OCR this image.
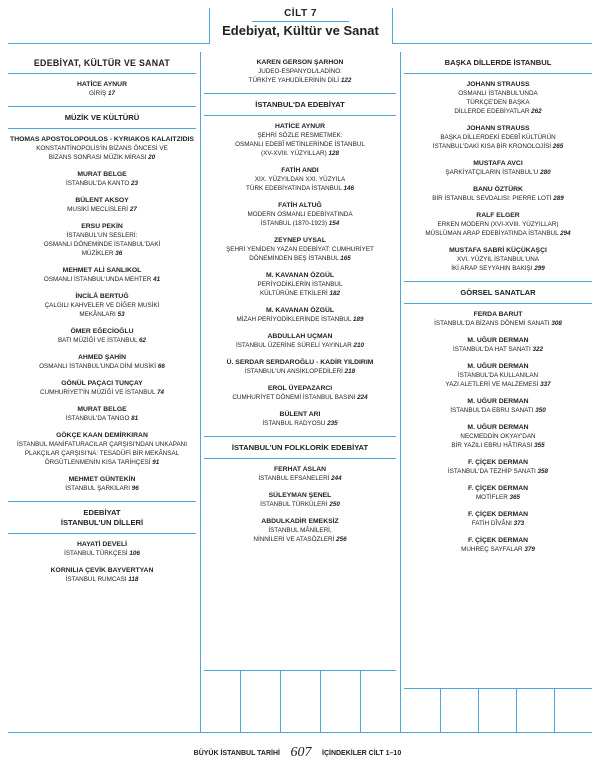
CİLT 7
Edebiyat, Kültür ve Sanat
EDEBİYAT, KÜLTÜR VE SANAT
HATİCE AYNUR
GİRİŞ 17
MÜZİK VE KÜLTÜRÜ
THOMAS APOSTOLOPOULOS - KYRIAKOS KALAITZIDIS
KONSTANTİNOPOLİS'İN BİZANS ÖNCESİ VE
BİZANS SONRASI MÜZİK MİRASI 20
MURAT BELGE
İSTANBUL'DA KANTO 23
BÜLENT AKSOY
MUSİKİ MECLİSLERİ 27
ERSU PEKİN
İSTANBUL'UN SESLERİ:
OSMANLI DÖNEMİNDE İSTANBUL'DAKİ
MÜZİKLER 36
MEHMET ALİ SANLIKOL
OSMANLI İSTANBUL'UNDA MEHTER 41
İNCİLÂ BERTUĞ
ÇALGILI KAHVELER VE DİĞER MUSİKİ
MEKÂNLARI 53
ÖMER EĞECİOĞLU
BATI MÜZİĞİ VE İSTANBUL 62
AHMED ŞAHİN
OSMANLI İSTANBUL'UNDA DİNİ MUSİKİ 66
GÖNÜL PAÇACI TUNÇAY
CUMHURİYET'İN MÜZİĞİ VE İSTANBUL 74
MURAT BELGE
İSTANBUL'DA TANGO 81
GÖKÇE KAAN DEMİRKIRAN
İSTANBUL MANİFATURACILAR ÇARŞISI'NDAN UNKAPANI
PLAKÇILAR ÇARŞISI'NA: TESADÜFİ BİR MEKÂNSAL
ÖRGÜTLENMENİN KISA TARİHÇESİ 91
MEHMET GÜNTEKİN
İSTANBUL ŞARKILARI 96
EDEBİYAT
İSTANBUL'UN DİLLERİ
HAYATİ DEVELİ
İSTANBUL TÜRKÇESİ 106
KORNILIA ÇEVİK BAYVERTYAN
İSTANBUL RUMCASI 118
KAREN GERSON ŞARHON
JUDEO-ESPANYOL/LADİNO:
TÜRKİYE YAHUDİLERİNİN DİLİ 122
İSTANBUL'DA EDEBİYAT
HATİCE AYNUR
ŞEHRİ SÖZLE RESMETMEK:
OSMANLI EDEBÎ METİNLERİNDE İSTANBUL
(XV-XVIII. YÜZYILLAR) 128
FATİH ANDI
XIX. YÜZYILDAN XXI. YÜZYILA
TÜRK EDEBİYATINDA İSTANBUL 146
FATİH ALTUĞ
MODERN OSMANLI EDEBİYATINDA
İSTANBUL (1870-1923) 154
ZEYNEP UYSAL
ŞEHRİ YENİDEN YAZAN EDEBİYAT: CUMHURİYET
DÖNEMİNDEN BEŞ İSTANBUL 165
M. KAVANAN ÖZGÜL
PERİYODİKLERİN İSTANBUL
KÜLTÜRÜNE ETKİLERİ 182
M. KAVANAN ÖZGÜL
MİZAH PERİYODİKLERİNDE İSTANBUL 189
ABDULLAH UÇMAN
İSTANBUL ÜZERİNE SÜRELİ YAYINLAR 210
Ü. SERDAR SERDAROĞLU - KADİR YILDIRIM
İSTANBUL'UN ANSİKLOPEDİLERİ 218
EROL ÜYEPAZARCI
CUMHURİYET DÖNEMİ İSTANBUL BASINI 224
BÜLENT ARI
İSTANBUL RADYOSU 235
İSTANBUL'UN FOLKLORİK EDEBİYAT
FERHAT ASLAN
İSTANBUL EFSANELERİ 244
SÜLEYMAN ŞENEL
İSTANBUL TÜRKÜLERİ 250
ABDULKADİR EMEKSİZ
İSTANBUL MÂNİLERİ,
NİNNİLERİ VE ATASÖZLERİ 256
BAŞKA DİLLERDE İSTANBUL
JOHANN STRAUSS
OSMANLI İSTANBUL'UNDA
TÜRKÇE'DEN BAŞKA
DİLLERDE EDEBİYATLAR 262
JOHANN STRAUSS
BAŞKA DİLLERDEKİ EDEBÎ KÜLTÜRÜN
İSTANBUL'DAKİ KISA BİR KRONOLOJİSİ 265
MUSTAFA AVCI
ŞARKİYATÇILARIN İSTANBUL'U 280
BANU ÖZTÜRK
BİR İSTANBUL SEVDALISI: PIERRE LOTİ 289
RALF ELGER
ERKEN MODERN (XVI-XVIII. YÜZYILLAR)
MÜSLÜMAN ARAP EDEBİYATINDA İSTANBUL 294
MUSTAFA SABRİ KÜÇÜKAŞÇI
XVI. YÜZYIL İSTANBUL'UNA
İKİ ARAP SEYYAHIN BAKIŞI 299
GÖRSEL SANATLAR
FERDA BARUT
İSTANBUL'DA BİZANS DÖNEMİ SANATI 308
M. UĞUR DERMAN
İSTANBUL'DA HAT SANATI 322
M. UĞUR DERMAN
İSTANBUL'DA KULLANILAN
YAZI ALETLERİ VE MALZEMESİ 337
M. UĞUR DERMAN
İSTANBUL'DA EBRU SANATI 350
M. UĞUR DERMAN
NECMEDDİN OKYAY'DAN
BİR YAZILI EBRU HÂTIRASI 355
F. ÇİÇEK DERMAN
İSTANBUL'DA TEZHİP SANATI 358
F. ÇİÇEK DERMAN
MOTİFLER 365
F. ÇİÇEK DERMAN
FATİH DÎVÂNI 373
F. ÇİÇEK DERMAN
MUHREÇ SAYFALAR 379
BÜYÜK İSTANBUL TARİHİ 607	İÇİNDEKİLER CİLT 1–10
